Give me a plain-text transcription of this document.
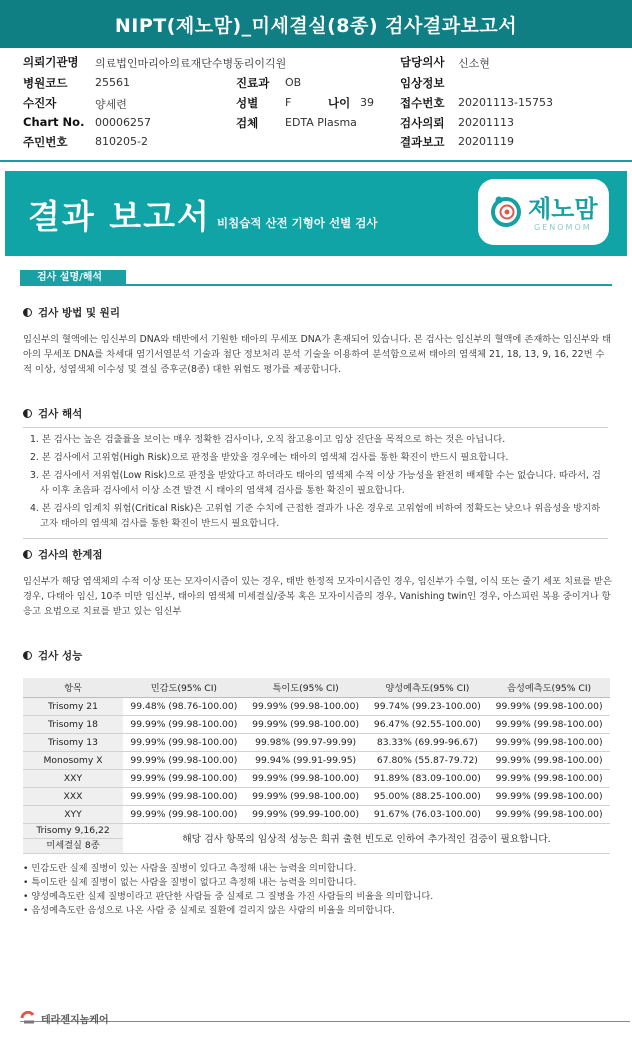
NIPT(제노맘)_미세결실(8종) 검사결과보고서
의뢰기관명 의료법인마리아의료재단수병동리이긱원
병원코드	25561	진료과 OB
수진자	양세련	성별 F	나이 39
Chart No. 00006257	검체 EDTA Plasma
주민번호	810205-2
담당의사 신소현
임상정보
접수번호 20201113-15753
검사의뢰 20201113
결과보고 20201119
결과 보고서 비침습적 산전 기형아 선별 검사	제노맘
GENOMOM
검사 설명/해석
검사 방법 및 원리
임신부의 혈액에는 임신부의 DNA와 태반에서 기원한 태아의 무세포 DNA가 혼재되어 있습니다. 본 검사는 임신부의 혈액에 존재하는 임신부와 태아의 무세포 DNA를 차세대 염기서열분석 기술과 첨단 정보처리 분석 기술을 이용하여 분석함으로써 태아의 염색체 21, 18, 13, 9, 16, 22번 수적 이상, 성염색체 이수성 및 결실 증후군(8종) 대한 위험도 평가를 제공합니다.
검사 해석
1. 본 검사는 높은 검출률을 보이는 매우 정확한 검사이나, 오직 참고용이고 임상 진단을 목적으로 하는 것은 아닙니다.
2. 본 검사에서 고위험(High Risk)으로 판정을 받았을 경우에는 태아의 염색체 검사를 통한 확진이 반드시 필요합니다.
3. 본 검사에서 저위험(Low Risk)으로 판정을 받았다고 하더라도 태아의 염색체 수적 이상 가능성을 완전히 배제할 수는 없습니다. 따라서, 검사 이후 초음파 검사에서 이상 소견 발견 시 태아의 염색체 검사를 통한 확진이 필요합니다.
4. 본 검사의 임계치 위험(Critical Risk)은 고위험 기준 수치에 근접한 결과가 나온 경우로 고위험에 비하여 정확도는 낮으나 위음성을 방지하고자 태아의 염색체 검사를 통한 확진이 반드시 필요합니다.
검사의 한계점
임신부가 해당 염색체의 수적 이상 또는 모자이시즘이 있는 경우, 태반 한정적 모자이시즘인 경우, 임신부가 수혈, 이식 또는 줄기 세포 치료를 받은 경우, 다태아 임신, 10주 미만 임신부, 태아의 염색체 미세결실/중복 혹은 모자이시즘의 경우, Vanishing twin인 경우, 아스피린 복용 중이거나 항 응고 요법으로 치료를 받고 있는 임신부
검사 성능
항목	민감도(95% CI)	특이도(95% CI)	양성예측도(95% CI)	음성예측도(95% CI)
Trisomy 21	99.48% (98.76-100.00)	99.99% (99.98-100.00)	99.74% (99.23-100.00)	99.99% (99.98-100.00)
Trisomy 18	99.99% (99.98-100.00)	99.99% (99.98-100.00)	96.47% (92.55-100.00)	99.99% (99.98-100.00)
Trisomy 13	99.99% (99.98-100.00)	99.98% (99.97-99.99)	83.33% (69.99-96.67)	99.99% (99.98-100.00)
Monosomy X	99.99% (99.98-100.00)	99.94% (99.91-99.95)	67.80% (55.87-79.72)	99.99% (99.98-100.00)
XXY	99.99% (99.98-100.00)	99.99% (99.98-100.00)	91.89% (83.09-100.00)	99.99% (99.98-100.00)
XXX	99.99% (99.98-100.00)	99.99% (99.98-100.00)	95.00% (88.25-100.00)	99.99% (99.98-100.00)
XYY	99.99% (99.98-100.00)	99.99% (99.99-100.00)	91.67% (76.03-100.00)	99.99% (99.98-100.00)

Trisomy 9,16,22
미세결실 8종	해당 검사 항목의 임상적 성능은 희귀 출현 빈도로 인하여 추가적인 검증이 필요합니다.			
• 민감도란 실제 질병이 있는 사람을 질병이 있다고 측정해 내는 능력을 의미합니다.
• 특이도란 실제 질병이 없는 사람을 질병이 없다고 측정해 내는 능력을 의미합니다.
• 양성예측도란 실제 질병이라고 판단한 사람들 중 실제로 그 질병을 가진 사람들의 비율을 의미합니다.
• 음성예측도란 음성으로 나온 사람 중 실제로 질환에 걸리지 않은 사람의 비율을 의미합니다.
테라젠지놈케어
